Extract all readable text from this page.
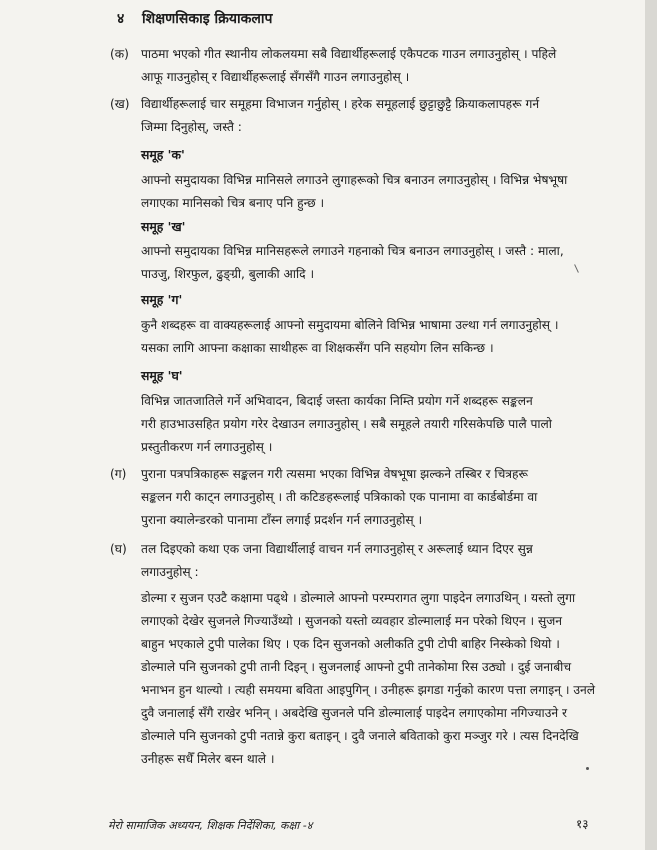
४ शिक्षणसिकाइ क्रियाकलाप
(क) पाठमा भएको गीत स्थानीय लोकलयमा सबै विद्यार्थीहरूलाई एकैपटक गाउन लगाउनुहोस् । पहिले
आफू गाउनुहोस् र विद्यार्थीहरूलाई सँगसँगै गाउन लगाउनुहोस् ।
(ख) विद्यार्थीहरूलाई चार समूहमा विभाजन गर्नुहोस् । हरेक समूहलाई छुट्टाछुट्टै क्रियाकलापहरू गर्न
जिम्मा दिनुहोस्, जस्तै :
समूह 'क'
आफ्नो समुदायका विभिन्न मानिसले लगाउने लुगाहरूको चित्र बनाउन लगाउनुहोस् । विभिन्न भेषभूषा
लगाएका मानिसको चित्र बनाए पनि हुन्छ ।
समूह 'ख'
आफ्नो समुदायका विभिन्न मानिसहरूले लगाउने गहनाको चित्र बनाउन लगाउनुहोस् । जस्तै : माला,
पाउजु, शिरफुल, ढुङ्ग्री, बुलाकी आदि ।
समूह 'ग'
कुनै शब्दहरू वा वाक्यहरूलाई आफ्नो समुदायमा बोलिने विभिन्न भाषामा उल्था गर्न लगाउनुहोस् ।
यसका लागि आफ्ना कक्षाका साथीहरू वा शिक्षकसँग पनि सहयोग लिन सकिन्छ ।
समूह 'घ'
विभिन्न जातजातिले गर्ने अभिवादन, बिदाई जस्ता कार्यका निम्ति प्रयोग गर्ने शब्दहरू सङ्कलन
गरी हाउभाउसहित प्रयोग गरेर देखाउन लगाउनुहोस् । सबै समूहले तयारी गरिसकेपछि पालै पालो
प्रस्तुतीकरण गर्न लगाउनुहोस् ।
(ग) पुराना पत्रपत्रिकाहरू सङ्कलन गरी त्यसमा भएका विभिन्न वेषभूषा झल्कने तस्बिर र चित्रहरू
सङ्कलन गरी काट्न लगाउनुहोस् । ती कटिङहरूलाई पत्रिकाको एक पानामा वा कार्डबोर्डमा वा
पुराना क्यालेन्डरको पानामा टाँस्न लगाई प्रदर्शन गर्न लगाउनुहोस् ।
(घ) तल दिइएको कथा एक जना विद्यार्थीलाई वाचन गर्न लगाउनुहोस् र अरूलाई ध्यान दिएर सुन्न
लगाउनुहोस् :
डोल्मा र सुजन एउटै कक्षामा पढ्थे । डोल्माले आफ्नो परम्परागत लुगा पाइदेन लगाउथिन् । यस्तो लुगा
लगाएको देखेर सुजनले गिज्याउँथ्यो । सुजनको यस्तो व्यवहार डोल्मालाई मन परेको थिएन । सुजन
बाहुन भएकाले टुपी पालेका थिए । एक दिन सुजनको अलीकति टुपी टोपी बाहिर निस्केको थियो ।
डोल्माले पनि सुजनको टुपी तानी दिइन् । सुजनलाई आफ्नो टुपी तानेकोमा रिस उठ्यो । दुई जनाबीच
भनाभन हुन थाल्यो । त्यही समयमा बविता आइपुगिन् । उनीहरू झगडा गर्नुको कारण पत्ता लगाइन् । उनले
दुवै जनालाई सँगै राखेर भनिन् । अबदेखि सुजनले पनि डोल्मालाई पाइदेन लगाएकोमा नगिज्याउने र
डोल्माले पनि सुजनको टुपी नतान्ने कुरा बताइन् । दुवै जनाले बविताको कुरा मञ्जुर गरे । त्यस दिनदेखि
उनीहरू सधैँ मिलेर बस्न थाले ।
मेरो सामाजिक अध्ययन, शिक्षक निर्देशिका, कक्षा -४	१३
